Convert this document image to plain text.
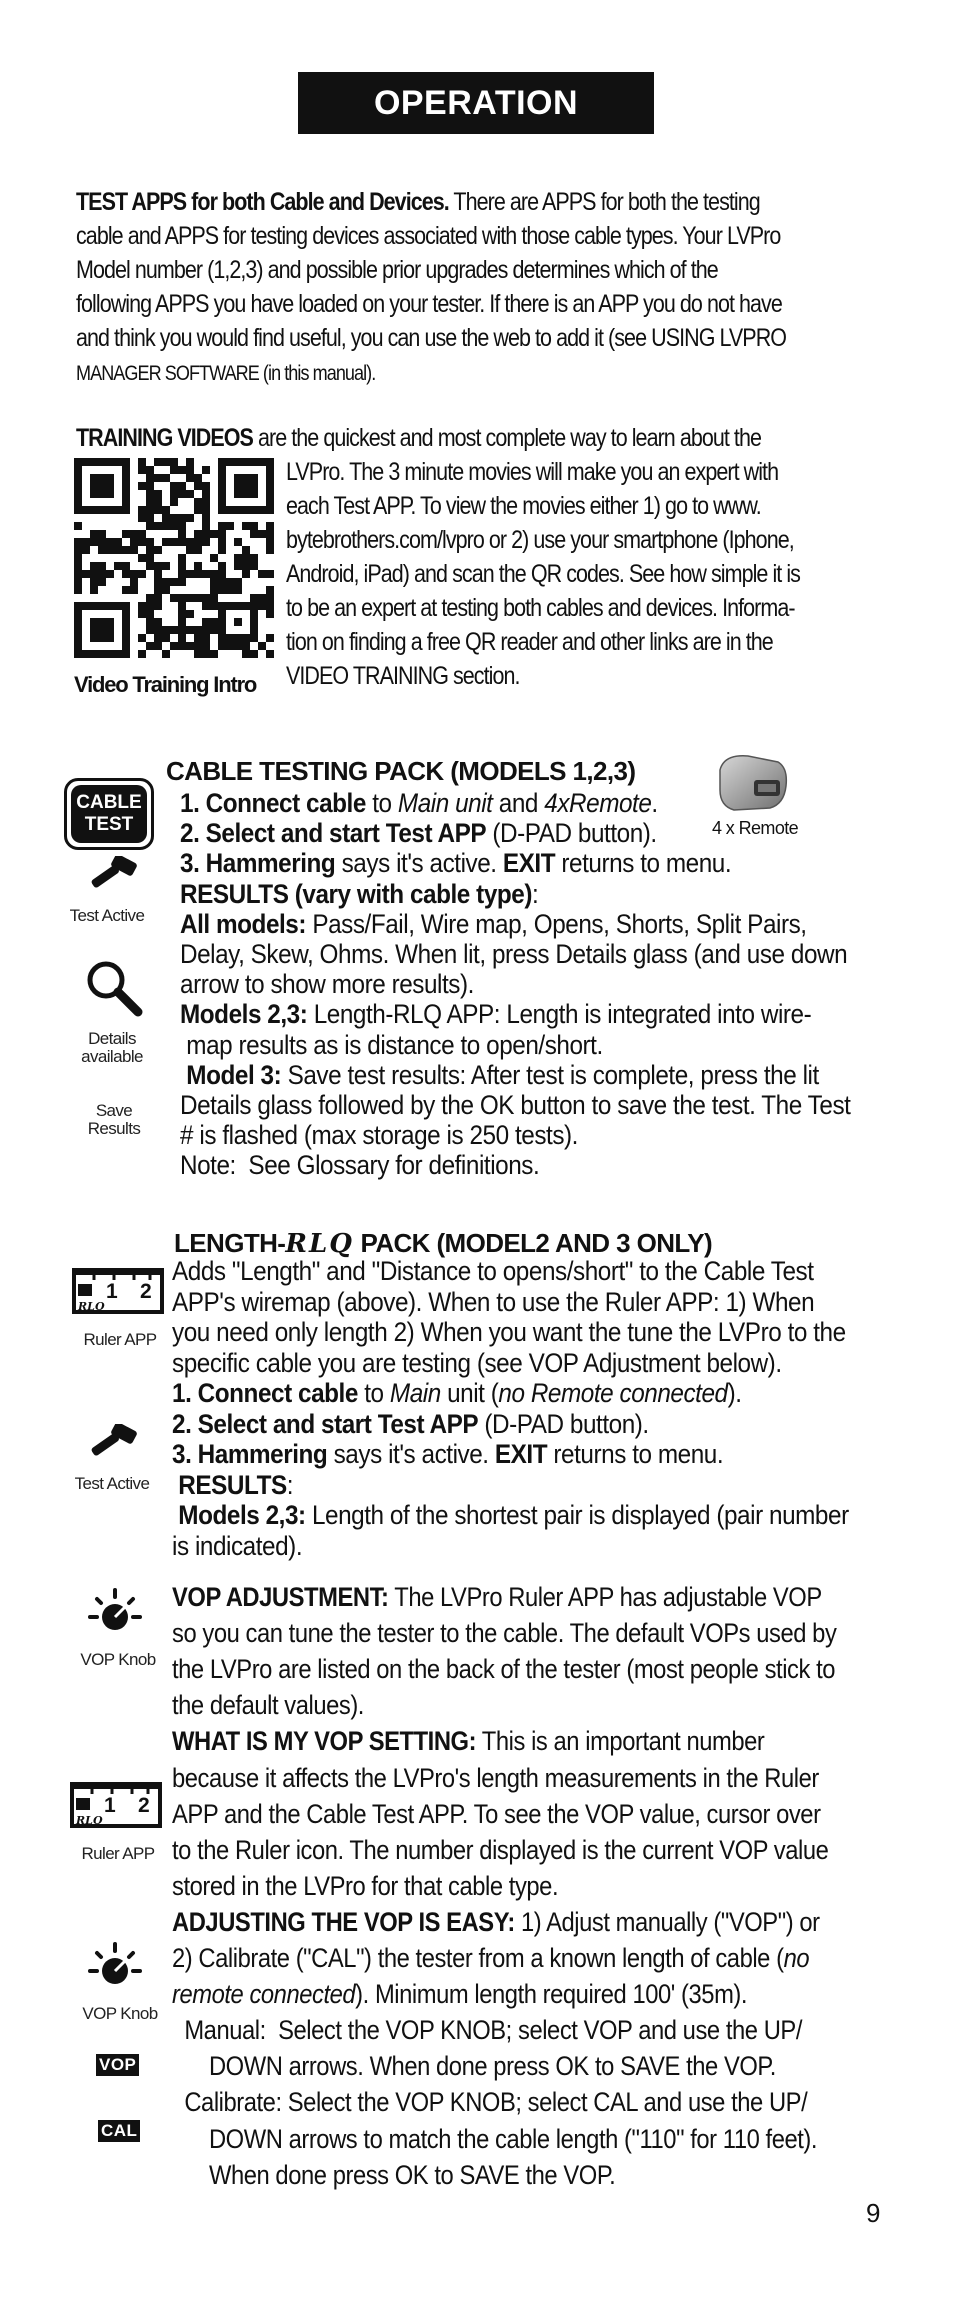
OPERATION
TEST APPS for both Cable and Devices. There are APPS for both the testing
cable and APPS for testing devices associated with those cable types. Your LVPro
Model number (1,2,3) and possible prior upgrades determines which of the
following APPS you have loaded on your tester. If there is an APP you do not have
and think you would find useful, you can use the web to add it (see USING LVPRO
MANAGER SOFTWARE (in this manual).
TRAINING VIDEOS are the quickest and most complete way to learn about the
LVPro. The 3 minute movies will make you an expert with
each Test APP. To view the movies either 1) go to www.
bytebrothers.com/lvpro or 2) use your smartphone (Iphone,
Android, iPad) and scan the QR codes. See how simple it is
to be an expert at testing both cables and devices. Informa-
tion on finding a free QR reader and other links are in the
VIDEO TRAINING section.
Video Training Intro
CABLE TESTING PACK (MODELS 1,2,3)
CABLE
TEST
Test Active
Details
available
Save
Results
4 x Remote
1. Connect cable to Main unit and 4xRemote.
2. Select and start Test APP (D-PAD button).
3. Hammering says it's active. EXIT returns to menu.
RESULTS (vary with cable type):
All models: Pass/Fail, Wire map, Opens, Shorts, Split Pairs,
Delay, Skew, Ohms. When lit, press Details glass (and use down
arrow to show more results).
Models 2,3: Length-RLQ APP: Length is integrated into wire-
map results as is distance to open/short.
Model 3: Save test results: After test is complete, press the lit
Details glass followed by the OK button to save the test. The Test
# is flashed (max storage is 250 tests).
Note:  See Glossary for definitions.
LENGTH-RLQ PACK (MODEL2 AND 3 ONLY)
RLQ
1 2
Ruler APP
Test Active
Adds "Length" and "Distance to opens/short" to the Cable Test
APP's wiremap (above). When to use the Ruler APP: 1) When
you need only length 2) When you want the tune the LVPro to the
specific cable you are testing (see VOP Adjustment below).
1. Connect cable to Main unit (no Remote connected).
2. Select and start Test APP (D-PAD button).
3. Hammering says it's active. EXIT returns to menu.
RESULTS:
Models 2,3: Length of the shortest pair is displayed (pair number
is indicated).
VOP Knob
RLQ
1 2
Ruler APP
VOP Knob
VOP
CAL
VOP ADJUSTMENT: The LVPro Ruler APP has adjustable VOP
so you can tune the tester to the cable. The default VOPs used by
the LVPro are listed on the back of the tester (most people stick to
the default values).
WHAT IS MY VOP SETTING: This is an important number
because it affects the LVPro's length measurements in the Ruler
APP and the Cable Test APP. To see the VOP value, cursor over
to the Ruler icon. The number displayed is the current VOP value
stored in the LVPro for that cable type.
ADJUSTING THE VOP IS EASY: 1) Adjust manually ("VOP") or
2) Calibrate ("CAL") the tester from a known length of cable (no
remote connected). Minimum length required 100' (35m).
Manual:  Select the VOP KNOB; select VOP and use the UP/
DOWN arrows. When done press OK to SAVE the VOP.
Calibrate: Select the VOP KNOB; select CAL and use the UP/
DOWN arrows to match the cable length ("110" for 110 feet).
When done press OK to SAVE the VOP.
9
